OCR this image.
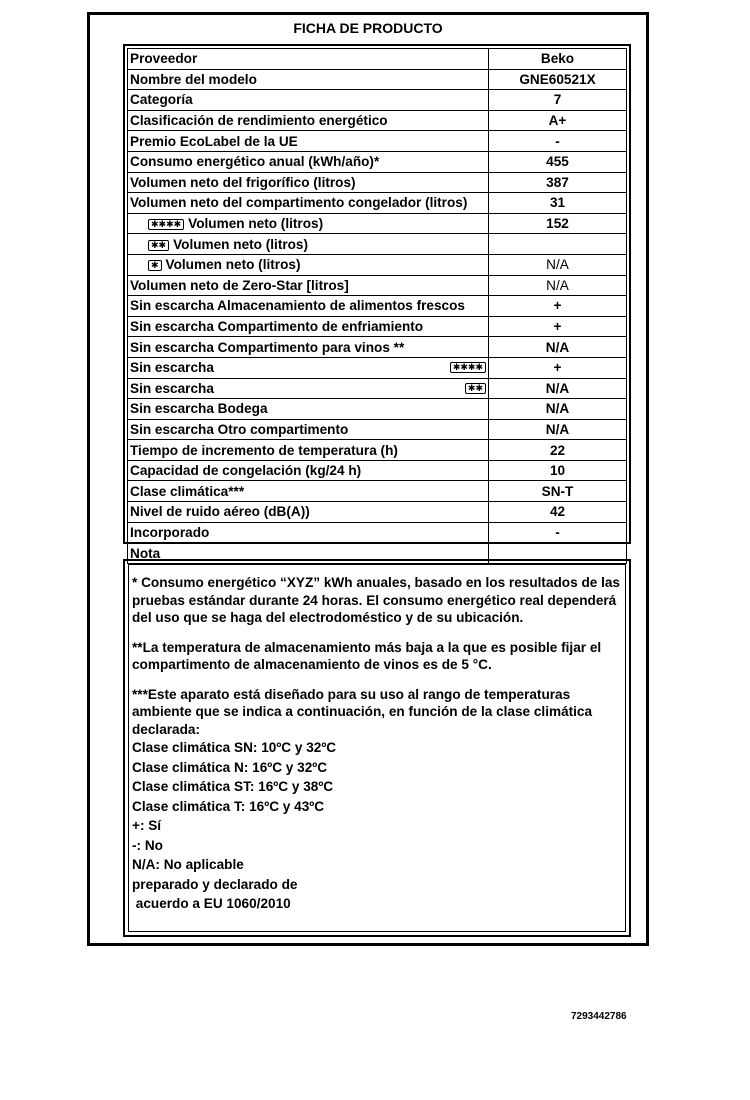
FICHA DE PRODUCTO
Proveedor	Beko
Nombre del modelo	GNE60521X
Categoría	7
Clasificación de rendimiento energético	A+
Premio EcoLabel de la UE	-
Consumo energético anual (kWh/año)*	455
Volumen neto del frigorífico (litros)	387
Volumen neto del compartimento congelador (litros)	31
✱✱✱✱ Volumen neto (litros)	152
✱✱ Volumen neto (litros)	
✱ Volumen neto (litros)	N/A
Volumen neto de Zero-Star [litros]	N/A
Sin escarcha Almacenamiento de alimentos frescos	+
Sin escarcha Compartimento de enfriamiento	+
Sin escarcha Compartimento para vinos **	N/A
Sin escarcha ✱✱✱✱	+
Sin escarcha ✱✱	N/A
Sin escarcha Bodega	N/A
Sin escarcha Otro compartimento	N/A
Tiempo de incremento de temperatura (h)	22
Capacidad de congelación (kg/24 h)	10
Clase climática***	SN-T
Nivel de ruido aéreo (dB(A))	42
Incorporado	-
Nota	

* Consumo energético “XYZ” kWh anuales, basado en los resultados de las pruebas estándar durante 24 horas. El consumo energético real dependerá del uso que se haga del electrodoméstico y de su ubicación.

**La temperatura de almacenamiento más baja a la que es posible fijar el compartimento de almacenamiento de vinos es de 5 °C.

***Este aparato está diseñado para su uso al rango de temperaturas ambiente que se indica a continuación, en función de la clase climática declarada:

Clase climática SN: 10ºC y 32ºC

Clase climática N: 16ºC y 32ºC

Clase climática ST: 16ºC y 38ºC

Clase climática T: 16ºC y 43ºC

+: Sí

-: No

N/A: No aplicable

preparado y declarado de

acuerdo a EU 1060/2010

7293442786
